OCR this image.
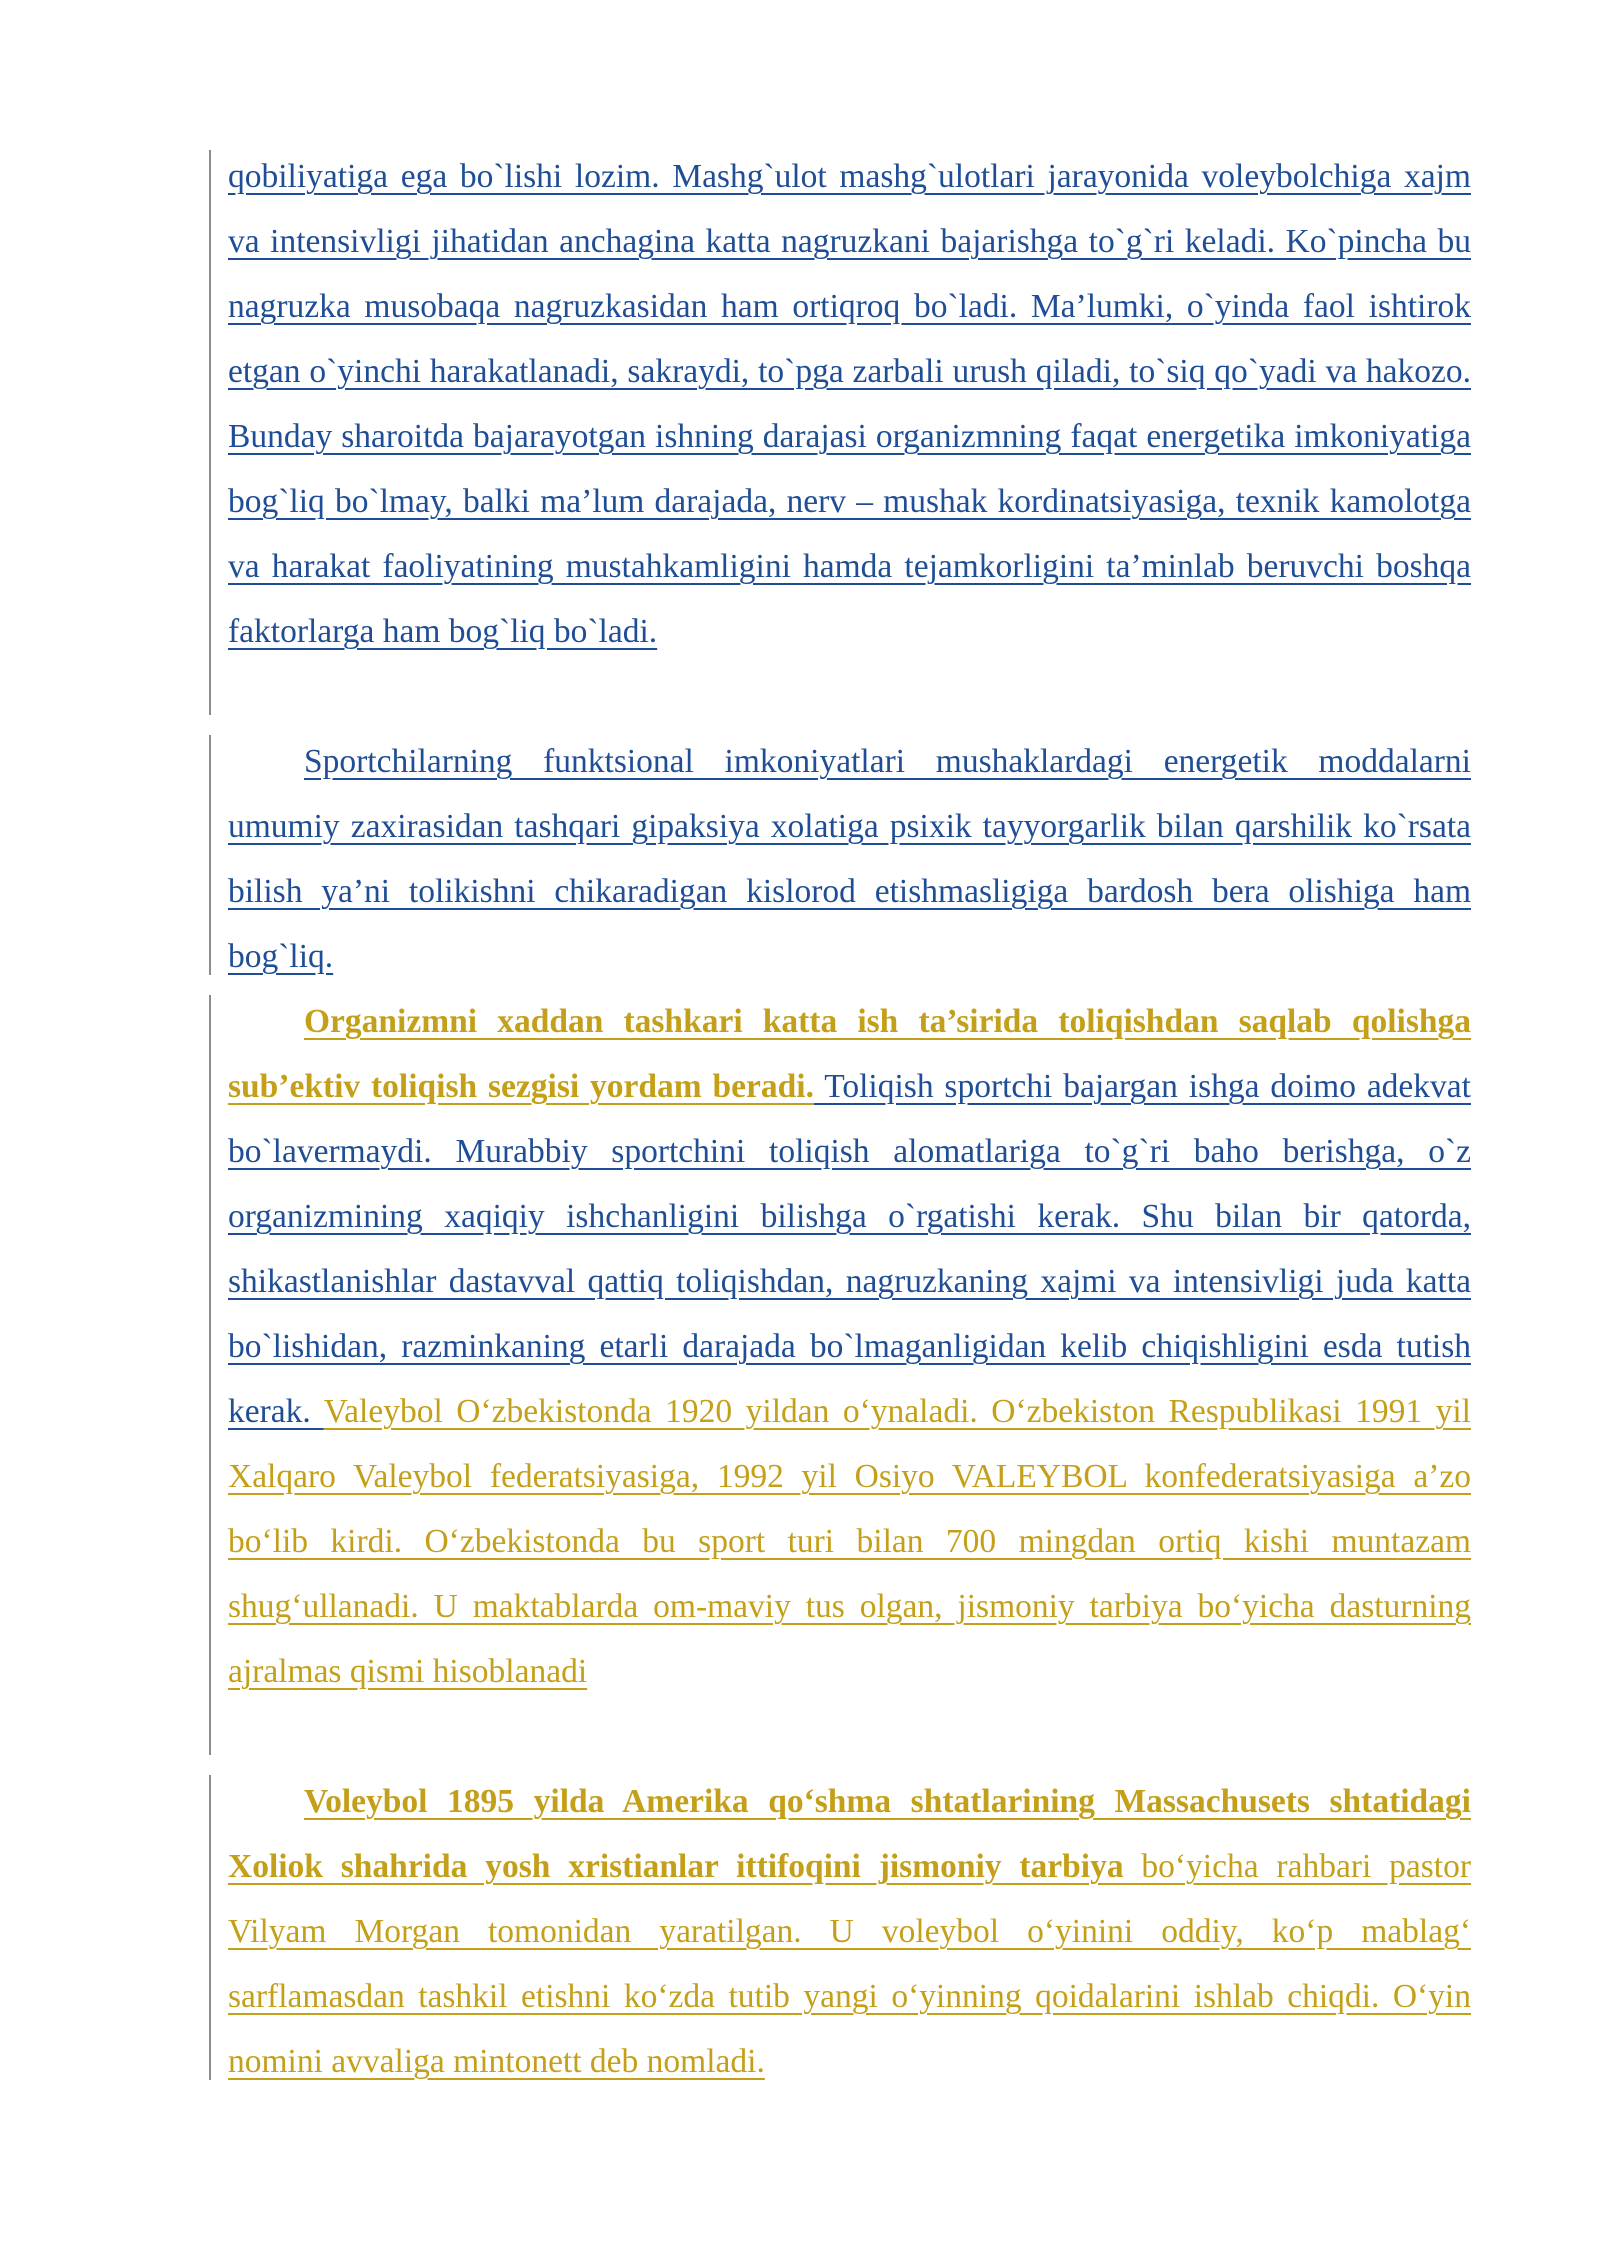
qobiliyatiga ega bo`lishi lozim. Mashg`ulot mashg`ulotlari jarayonida voleybolchiga xajm va intensivligi jihatidan anchagina katta nagruzkani bajarishga to`g`ri keladi. Ko`pincha bu nagruzka musobaqa nagruzkasidan ham ortiqroq bo`ladi. Ma’lumki, o`yinda faol ishtirok etgan o`yinchi harakatlanadi, sakraydi, to`pga zarbali urush qiladi, to`siq qo`yadi va hakozo. Bunday sharoitda bajarayotgan ishning darajasi organizmning faqat energetika imkoniyatiga bog`liq bo`lmay, balki ma’lum darajada, nerv – mushak kordinatsiyasiga, texnik kamolotga va harakat faoliyatining mustahkamligini hamda tejamkorligini ta’minlab beruvchi boshqa faktorlarga ham bog`liq bo`ladi.
Sportchilarning funktsional imkoniyatlari mushaklardagi energetik moddalarni umumiy zaxirasidan tashqari gipaksiya xolatiga psixik tayyorgarlik bilan qarshilik ko`rsata bilish ya’ni tolikishni chikaradigan kislorod etishmasligiga bardosh bera olishiga ham bog`liq.
Organizmni xaddan tashkari katta ish ta’sirida toliqishdan saqlab qolishga sub’ektiv toliqish sezgisi yordam beradi. Toliqish sportchi bajargan ishga doimo adekvat bo`lavermaydi. Murabbiy sportchini toliqish alomatlariga to`g`ri baho berishga, o`z organizmining xaqiqiy ishchanligini bilishga o`rgatishi kerak. Shu bilan bir qatorda, shikastlanishlar dastavval qattiq toliqishdan, nagruzkaning xajmi va intensivligi juda katta bo`lishidan, razminkaning etarli darajada bo`lmaganligidan kelib chiqishligini esda tutish kerak. Valeybol O‘zbekistonda 1920 yildan o‘ynaladi. O‘zbekiston Respublikasi 1991 yil Xalqaro Valeybol federatsiyasiga, 1992 yil Osiyo VALEYBOL konfederatsiyasiga a’zo bo‘lib kirdi. O‘zbekistonda bu sport turi bilan 700 mingdan ortiq kishi muntazam shug‘ullanadi. U maktablarda om-maviy tus olgan, jismoniy tarbiya bo‘yicha dasturning ajralmas qismi hisoblanadi
Voleybol 1895 yilda Amerika qo‘shma shtatlarining Massachusets shtatidagi Xoliok shahrida yosh xristianlar ittifoqini jismoniy tarbiya bo‘yicha rahbari pastor Vilyam Morgan tomonidan yaratilgan. U voleybol o‘yinini oddiy, ko‘p mablag‘ sarflamasdan tashkil etishni ko‘zda tutib yangi o‘yinning qoidalarini ishlab chiqdi. O‘yin nomini avvaliga mintonett deb nomladi.
